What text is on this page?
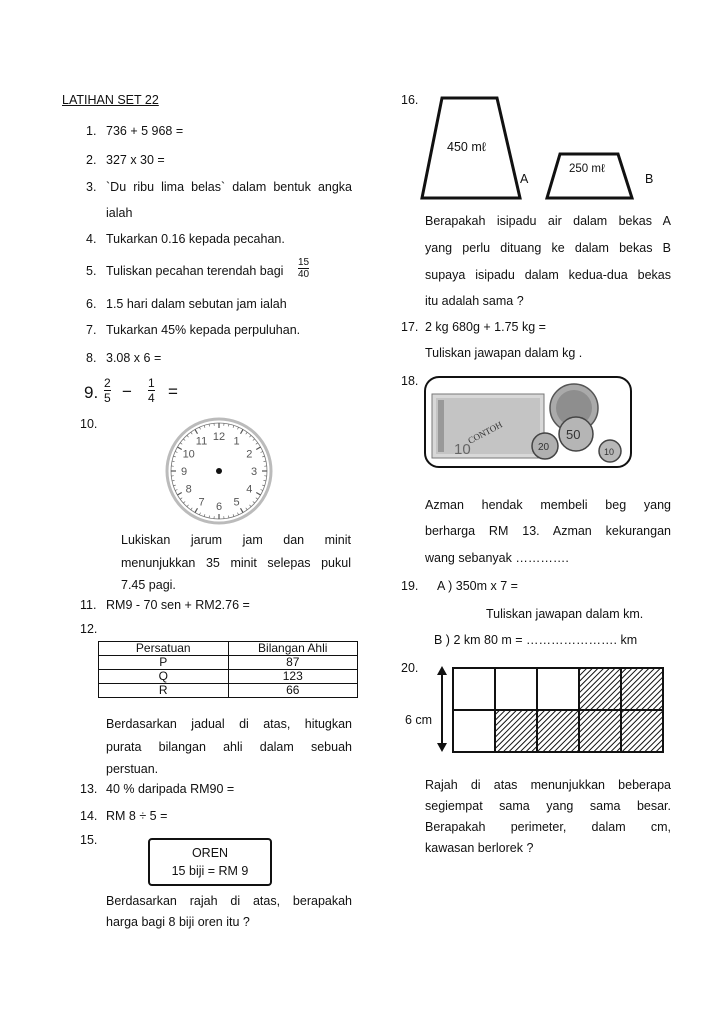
LATIHAN SET 22
1. 736 + 5 968 =
2. 327 x 30 =
3. `Du ribu lima belas` dalam bentuk angka
ialah
4. Tukarkan 0.16 kepada pecahan.
5. Tuliskan pecahan terendah bagi
15
40
6. 1.5 hari dalam sebutan jam ialah
7. Tukarkan 45% kepada perpuluhan.
8. 3.08 x 6 =
9. 2
5 − 1
4 =
10.
12 1
2
3
4
5
6
7
8
9
10
11
Lukiskan jarum jam dan minit
menunjukkan 35 minit selepas pukul
7.45 pagi.
11. RM9 - 70 sen + RM2.76 =
12.
Persatuan	Bilangan Ahli
P	87
Q	123
R	66
Berdasarkan jadual di atas, hitugkan
purata bilangan ahli dalam sebuah
perstuan.
13. 40 % daripada RM90 =
14. RM 8 ÷ 5 =
15.
OREN
15 biji = RM 9
Berdasarkan rajah di atas, berapakah
harga bagi 8 biji oren itu ?
16.
450 mℓ
250 mℓ
A	B
Berapakah isipadu air dalam bekas A
yang perlu dituang ke dalam bekas B
supaya isipadu dalam kedua-dua bekas
itu adalah sama ?
17. 2 kg 680g + 1.75 kg =
Tuliskan jawapan dalam kg .
18.
10
CONTOH	50
20	10
Azman hendak membeli beg yang
berharga RM 13. Azman kekurangan
wang sebanyak ………….
19. A ) 350m x 7 =
Tuliskan jawapan dalam km.
B ) 2 km 80 m = …………………. km
20.
6 cm
Rajah di atas menunjukkan beberapa
segiempat sama yang sama besar.
Berapakah perimeter, dalam cm,
kawasan berlorek ?
